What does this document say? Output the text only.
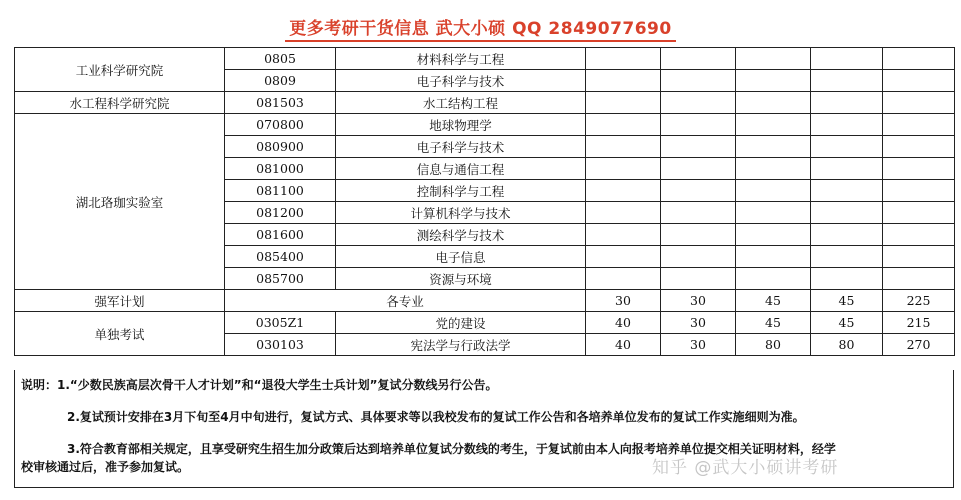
更多考研干货信息 武大小硕 QQ 2849077690
工业科学研究院	0805	材料科学与工程					
	0809	电子科学与技术					
水工程科学研究院	081503	水工结构工程					
湖北珞珈实验室	070800	地球物理学					
	080900	电子科学与技术					
	081000	信息与通信工程					
	081100	控制科学与工程					
	081200	计算机科学与技术					
	081600	测绘科学与技术					
	085400	电子信息					
	085700	资源与环境					
强军计划	各专业		30	30	45	45	225
单独考试	0305Z1	党的建设	40	30	45	45	215
	030103	宪法学与行政法学	40	30	80	80	270

说明：1.“少数民族高层次骨干人才计划”和“退役大学生士兵计划”复试分数线另行公告。

2.复试预计安排在3月下旬至4月中旬进行，复试方式、具体要求等以我校发布的复试工作公告和各培养单位发布的复试工作实施细则为准。

3.符合教育部相关规定，且享受研究生招生加分政策后达到培养单位复试分数线的考生，于复试前由本人向报考培养单位提交相关证明材料，经学
校审核通过后，准予参加复试。	知乎 @武大小硕讲考研
